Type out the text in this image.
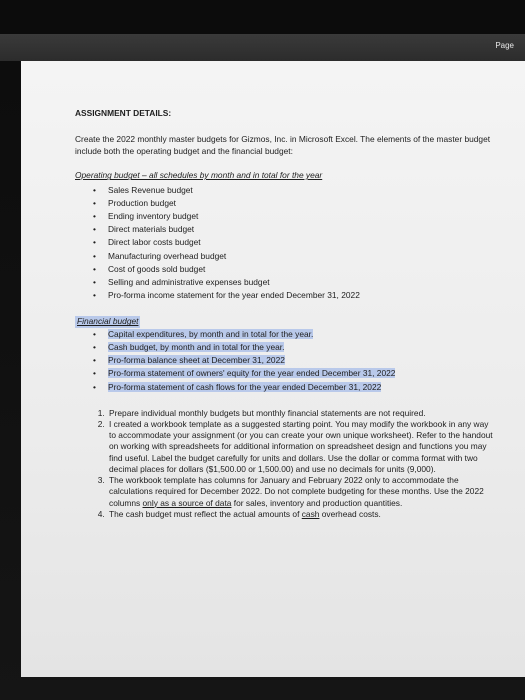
Page

ASSIGNMENT DETAILS:

Create the 2022 monthly master budgets for Gizmos, Inc. in Microsoft Excel. The elements of the master budget include both the operating budget and the financial budget:

Operating budget – all schedules by month and in total for the year

• Sales Revenue budget
• Production budget
• Ending inventory budget
• Direct materials budget
• Direct labor costs budget
• Manufacturing overhead budget
• Cost of goods sold budget
• Selling and administrative expenses budget
• Pro-forma income statement for the year ended December 31, 2022
Financial budget
• Capital expenditures, by month and in total for the year.
• Cash budget, by month and in total for the year.
• Pro-forma balance sheet at December 31, 2022
• Pro-forma statement of owners' equity for the year ended December 31, 2022
• Pro-forma statement of cash flows for the year ended December 31, 2022
1. Prepare individual monthly budgets but monthly financial statements are not required.
2. I created a workbook template as a suggested starting point. You may modify the workbook in any way to accommodate your assignment (or you can create your own unique worksheet). Refer to the handout on working with spreadsheets for additional information on spreadsheet design and functions you may find useful. Label the budget carefully for units and dollars. Use the dollar or comma format with two decimal places for dollars ($1,500.00 or 1,500.00) and use no decimals for units (9,000).
3. The workbook template has columns for January and February 2022 only to accommodate the calculations required for December 2022. Do not complete budgeting for these months. Use the 2022 columns only as a source of data for sales, inventory and production quantities.
4. The cash budget must reflect the actual amounts of cash overhead costs.
